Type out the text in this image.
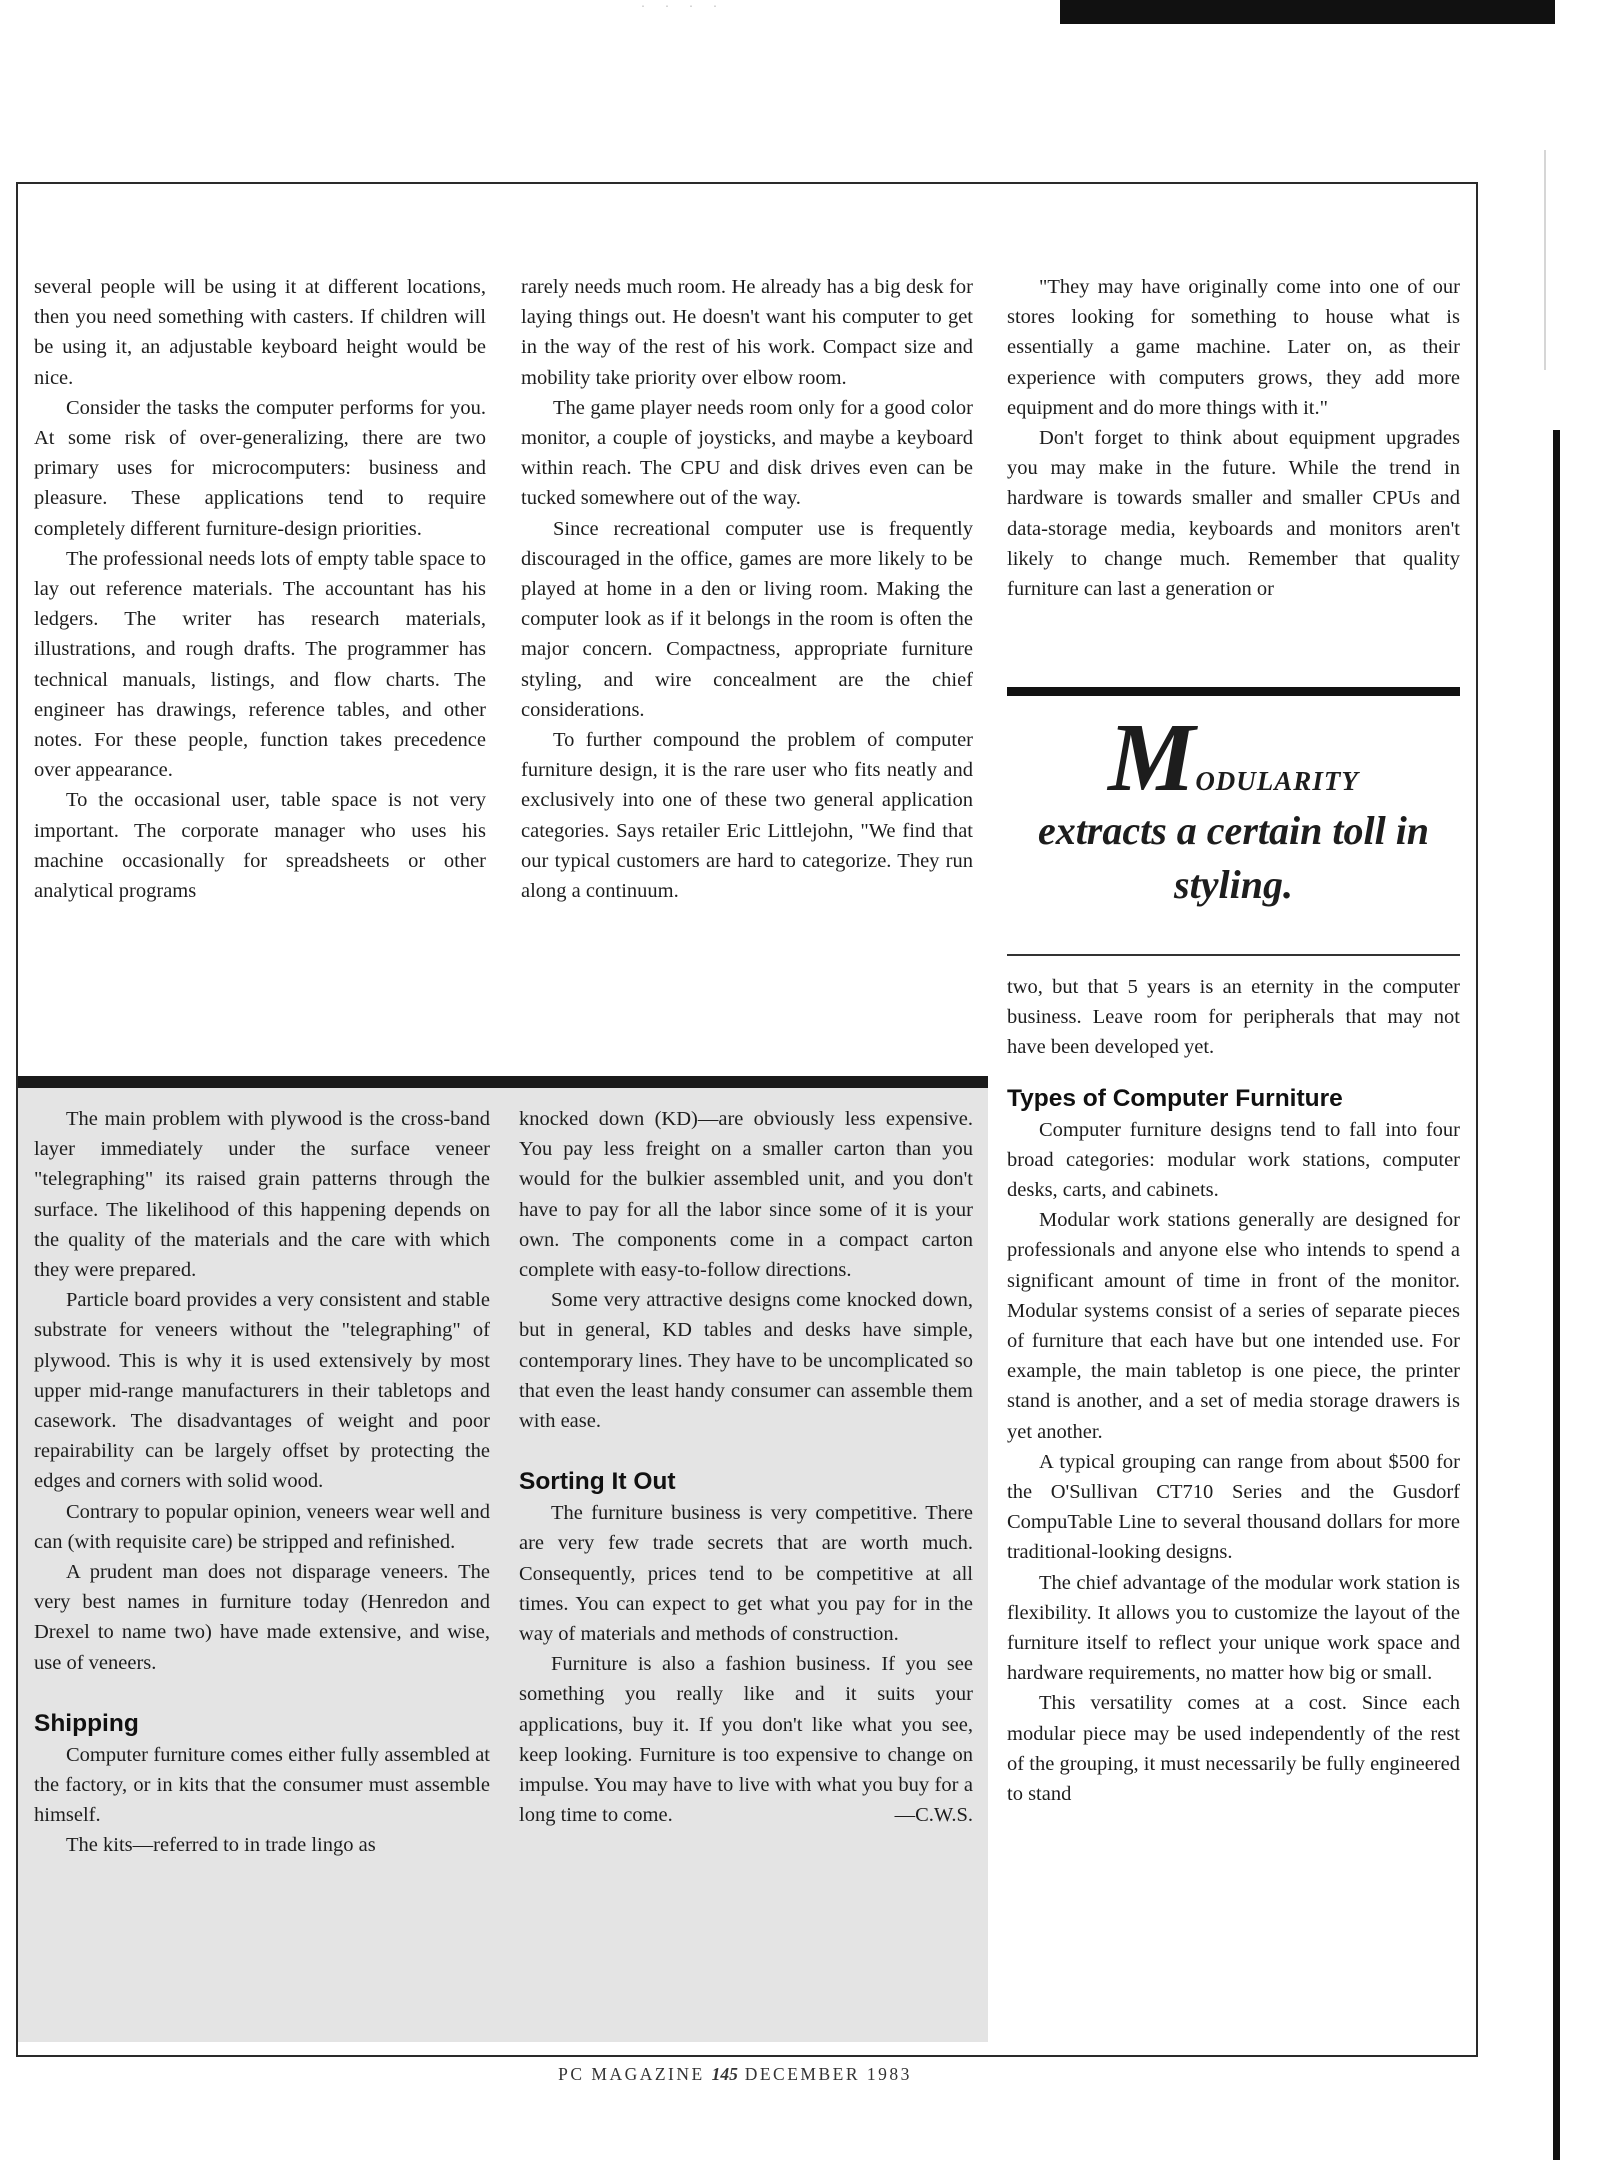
· · · ·

several people will be using it at different locations, then you need something with casters. If children will be using it, an adjustable keyboard height would be nice.

Consider the tasks the computer performs for you. At some risk of over-generalizing, there are two primary uses for microcomputers: business and pleasure. These applications tend to require completely different furniture-design priorities.

The professional needs lots of empty table space to lay out reference materials. The accountant has his ledgers. The writer has research materials, illustrations, and rough drafts. The programmer has technical manuals, listings, and flow charts. The engineer has drawings, reference tables, and other notes. For these people, function takes precedence over appearance.

To the occasional user, table space is not very important. The corporate manager who uses his machine occasionally for spreadsheets or other analytical programs

rarely needs much room. He already has a big desk for laying things out. He doesn't want his computer to get in the way of the rest of his work. Compact size and mobility take priority over elbow room.

The game player needs room only for a good color monitor, a couple of joysticks, and maybe a keyboard within reach. The CPU and disk drives even can be tucked somewhere out of the way.

Since recreational computer use is frequently discouraged in the office, games are more likely to be played at home in a den or living room. Making the computer look as if it belongs in the room is often the major concern. Compactness, appropriate furniture styling, and wire concealment are the chief considerations.

To further compound the problem of computer furniture design, it is the rare user who fits neatly and exclusively into one of these two general application categories. Says retailer Eric Littlejohn, "We find that our typical customers are hard to categorize. They run along a continuum.

"They may have originally come into one of our stores looking for something to house what is essentially a game machine. Later on, as their experience with computers grows, they add more equipment and do more things with it."

Don't forget to think about equipment upgrades you may make in the future. While the trend in hardware is towards smaller and smaller CPUs and data-storage media, keyboards and monitors aren't likely to change much. Remember that quality furniture can last a generation or

Modularity
extracts a certain toll in
styling.

two, but that 5 years is an eternity in the computer business. Leave room for peripherals that may not have been developed yet.

Types of Computer Furniture

Computer furniture designs tend to fall into four broad categories: modular work stations, computer desks, carts, and cabinets.

Modular work stations generally are designed for professionals and anyone else who intends to spend a significant amount of time in front of the monitor. Modular systems consist of a series of separate pieces of furniture that each have but one intended use. For example, the main tabletop is one piece, the printer stand is another, and a set of media storage drawers is yet another.

A typical grouping can range from about $500 for the O'Sullivan CT710 Series and the Gusdorf CompuTable Line to several thousand dollars for more traditional-looking designs.

The chief advantage of the modular work station is flexibility. It allows you to customize the layout of the furniture itself to reflect your unique work space and hardware requirements, no matter how big or small.

This versatility comes at a cost. Since each modular piece may be used independently of the rest of the grouping, it must necessarily be fully engineered to stand

The main problem with plywood is the cross-band layer immediately under the surface veneer "telegraphing" its raised grain patterns through the surface. The likelihood of this happening depends on the quality of the materials and the care with which they were prepared.

Particle board provides a very consistent and stable substrate for veneers without the "telegraphing" of plywood. This is why it is used extensively by most upper mid-range manufacturers in their tabletops and casework. The disadvantages of weight and poor repairability can be largely offset by protecting the edges and corners with solid wood.

Contrary to popular opinion, veneers wear well and can (with requisite care) be stripped and refinished.

A prudent man does not disparage veneers. The very best names in furniture today (Henredon and Drexel to name two) have made extensive, and wise, use of veneers.

Shipping

Computer furniture comes either fully assembled at the factory, or in kits that the consumer must assemble himself.

The kits—referred to in trade lingo as

knocked down (KD)—are obviously less expensive. You pay less freight on a smaller carton than you would for the bulkier assembled unit, and you don't have to pay for all the labor since some of it is your own. The components come in a compact carton complete with easy-to-follow directions.

Some very attractive designs come knocked down, but in general, KD tables and desks have simple, contemporary lines. They have to be uncomplicated so that even the least handy consumer can assemble them with ease.

Sorting It Out

The furniture business is very competitive. There are very few trade secrets that are worth much. Consequently, prices tend to be competitive at all times. You can expect to get what you pay for in the way of materials and methods of construction.

Furniture is also a fashion business. If you see something you really like and it suits your applications, buy it. If you don't like what you see, keep looking. Furniture is too expensive to change on impulse. You may have to live with what you buy for a long time to come.	—C.W.S.

PC MAGAZINE 145 DECEMBER 1983
